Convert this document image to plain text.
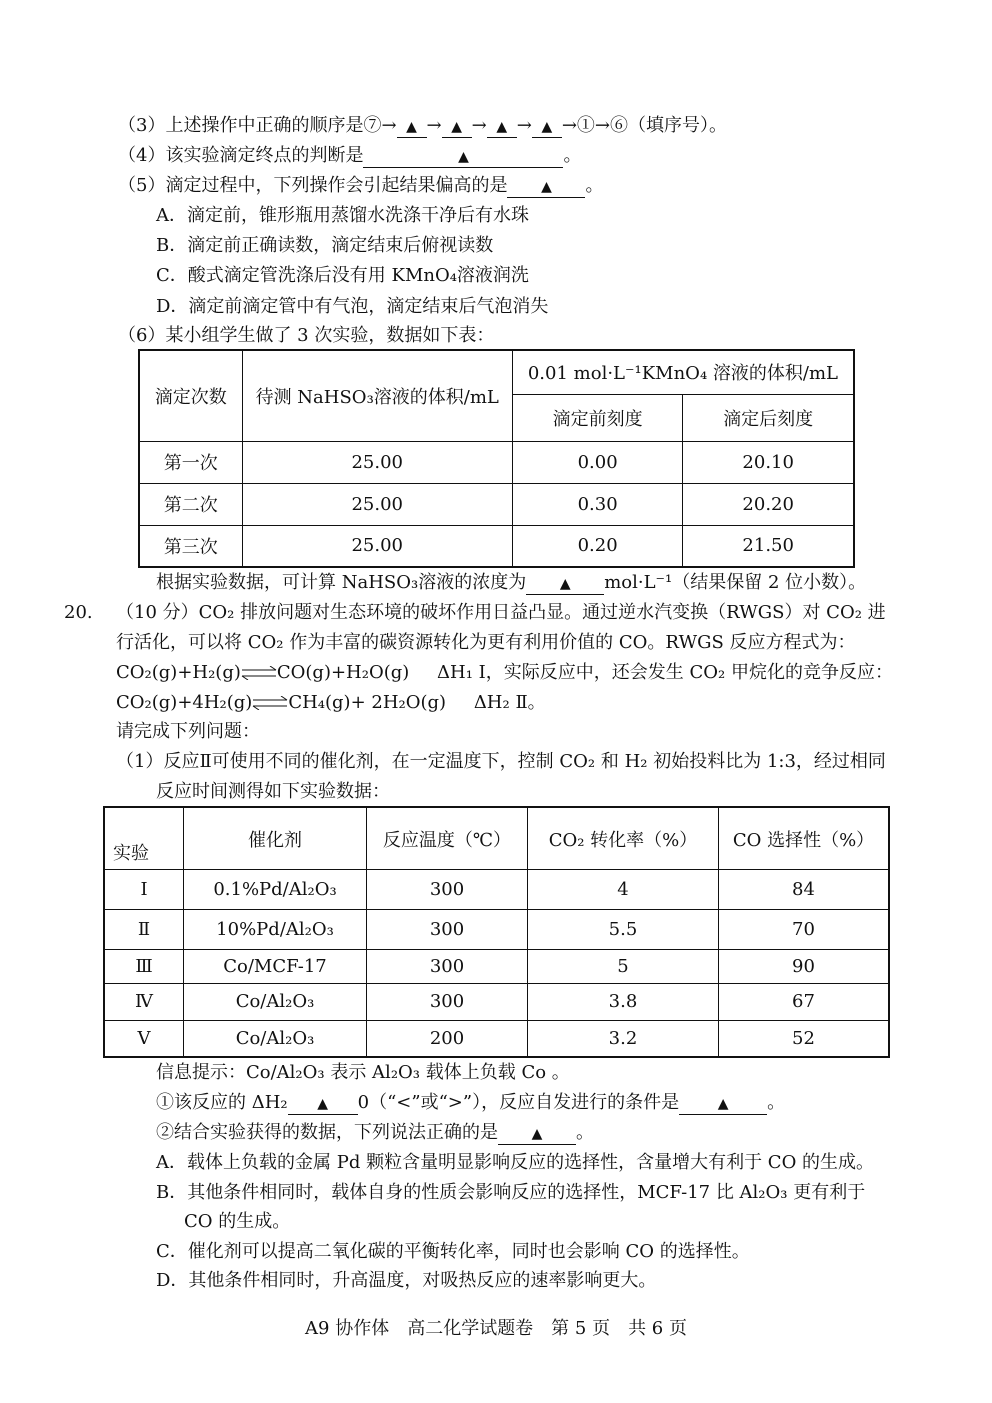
（3）上述操作中正确的顺序是⑦→ ▲ → ▲ → ▲ → ▲ →①→⑥（填序号）。
（4）该实验滴定终点的判断是	▲	。
（5）滴定过程中，下列操作会引起结果偏高的是 ▲ 。
A．滴定前，锥形瓶用蒸馏水洗涤干净后有水珠
B．滴定前正确读数，滴定结束后俯视读数
C．酸式滴定管洗涤后没有用 KMnO₄溶液润洗
D．滴定前滴定管中有气泡，滴定结束后气泡消失
（6）某小组学生做了 3 次实验，数据如下表：
滴定次数	待测 NaHSO₃溶液的体积/mL	0.01 mol·L⁻¹KMnO₄ 溶液的体积/mL	
		滴定前刻度	滴定后刻度
第一次	25.00	0.00	20.10
第二次	25.00	0.30	20.20
第三次	25.00	0.20	21.50
根据实验数据，可计算 NaHSO₃溶液的浓度为 ▲ mol·L⁻¹（结果保留 2 位小数）。
20. （10 分）CO₂ 排放问题对生态环境的破坏作用日益凸显。通过逆水汽变换（RWGS）对 CO₂ 进
行活化，可以将 CO₂ 作为丰富的碳资源转化为更有利用价值的 CO。RWGS 反应方程式为：
CO₂(g)+H₂(g)⇌CO(g)+H₂O(g) ΔH₁ Ⅰ，实际反应中，还会发生 CO₂ 甲烷化的竞争反应：
CO₂(g)+4H₂(g)⇌CH₄(g)+ 2H₂O(g) ΔH₂ Ⅱ。
请完成下列问题：
（1）反应Ⅱ可使用不同的催化剂，在一定温度下，控制 CO₂ 和 H₂ 初始投料比为 1:3，经过相同
反应时间测得如下实验数据：
实验	催化剂	反应温度（℃）	CO₂ 转化率（%）	CO 选择性（%）
Ⅰ	0.1%Pd/Al₂O₃	300	4	84
Ⅱ	10%Pd/Al₂O₃	300	5.5	70
Ⅲ	Co/MCF-17	300	5	90
Ⅳ	Co/Al₂O₃	300	3.8	67
Ⅴ	Co/Al₂O₃	200	3.2	52
信息提示：Co/Al₂O₃ 表示 Al₂O₃ 载体上负载 Co 。
①该反应的 ΔH₂ ▲ 0（“<”或“>”），反应自发进行的条件是	▲ 。
②结合实验获得的数据，下列说法正确的是 ▲ 。
A．载体上负载的金属 Pd 颗粒含量明显影响反应的选择性，含量增大有利于 CO 的生成。
B．其他条件相同时，载体自身的性质会影响反应的选择性，MCF-17 比 Al₂O₃ 更有利于
CO 的生成。
C．催化剂可以提高二氧化碳的平衡转化率，同时也会影响 CO 的选择性。
D．其他条件相同时，升高温度，对吸热反应的速率影响更大。
A9 协作体　高二化学试题卷　第 5 页　共 6 页
